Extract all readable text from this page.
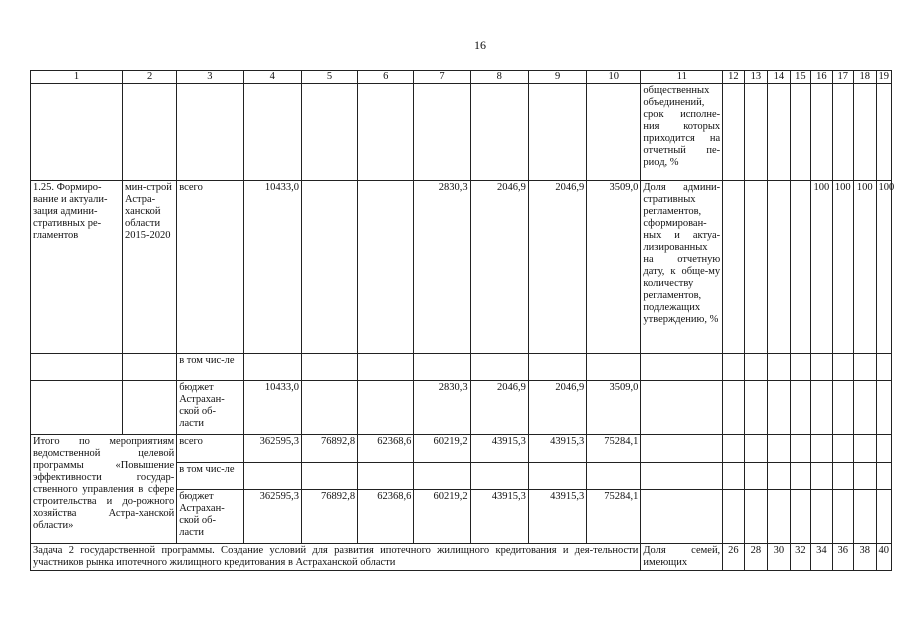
16
1	2	3	4	5	6	7	8	9	10	11	12	13	14	15	16	17	18	19
										общественных объединений, срок исполне-ния которых приходится на отчетный пе-риод, %								
1.25. Формиро-вание и актуали-зация админи-стративных ре-гламентов	мин-строй Астра-ханской области 2015-2020	всего	10433,0			2830,3	2046,9	2046,9	3509,0	Доля админи-стративных регламентов, сформирован-ных и актуа-лизированных на отчетную дату, к обще-му количеству регламентов, подлежащих утверждению, %					100	100	100	100
		в том чис-ле																
		бюджет Астрахан-ской об-ласти	10433,0			2830,3	2046,9	2046,9	3509,0									
Итого по мероприятиям ведомственной целевой программы «Повышение эффективности государ-ственного управления в сфере строительства и до-рожного хозяйства Астра-ханской области»		всего	362595,3	76892,8	62368,6	60219,2	43915,3	43915,3	75284,1									
		в том чис-ле																
		бюджет Астрахан-ской об-ласти	362595,3	76892,8	62368,6	60219,2	43915,3	43915,3	75284,1									
Задача 2 государственной программы. Создание условий для развития ипотечного жилищного кредитования и дея-тельности участников рынка ипотечного жилищного кредитования в Астраханской области										Доля семей, имеющих	26	28	30	32	34	36	38	40
